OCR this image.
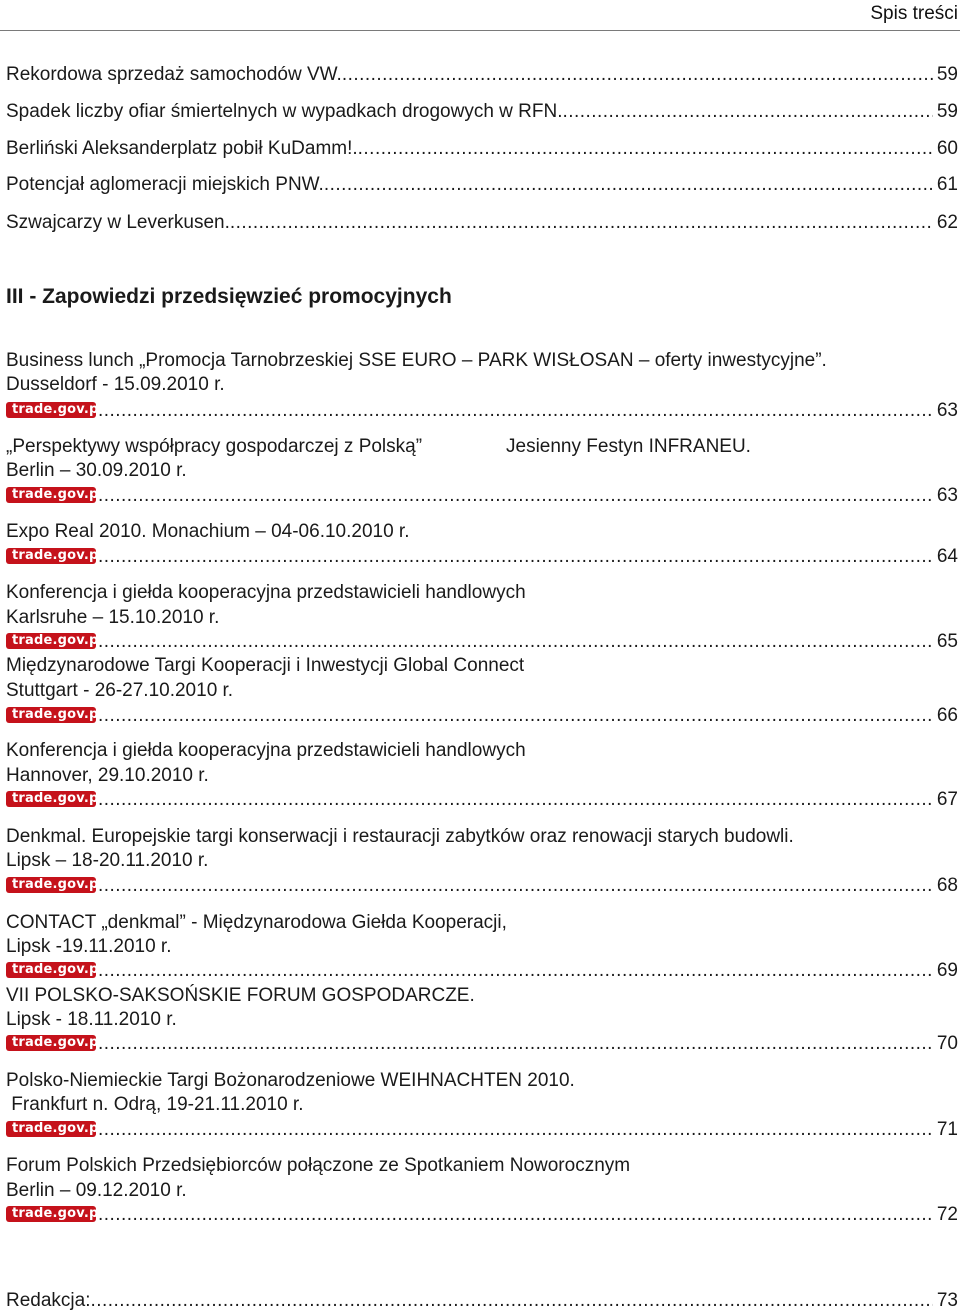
Spis treści
Rekordowa sprzedaż samochodów VW. . . .	59
Spadek liczby ofiar śmiertelnych w wypadkach drogowych w RFN. . . .	59
Berliński Aleksanderplatz pobił KuDamm!. . . .	60
Potencjał aglomeracji miejskich PNW. . . .	61
Szwajcarzy w Leverkusen. . . .	62
III - Zapowiedzi przedsięwzieć promocyjnych
Business lunch „Promocja Tarnobrzeskiej SSE EURO – PARK WISŁOSAN – oferty inwestycyjne”.
Dusseldorf - 15.09.2010 r.
trade.gov.pl . . .	63
„Perspektywy współpracy gospodarczej z Polską”	Jesienny Festyn INFRANEU.
Berlin – 30.09.2010 r.
trade.gov.pl . . .	63
Expo Real 2010. Monachium – 04-06.10.2010 r.
trade.gov.pl . . .	64
Konferencja i giełda kooperacyjna przedstawicieli handlowych
Karlsruhe – 15.10.2010 r.
trade.gov.pl . . .	65
Międzynarodowe Targi Kooperacji i Inwestycji Global Connect
Stuttgart - 26-27.10.2010 r.
trade.gov.pl . . .	66
Konferencja i giełda kooperacyjna przedstawicieli handlowych
Hannover, 29.10.2010 r.
trade.gov.pl . . .	67
Denkmal. Europejskie targi konserwacji i restauracji zabytków oraz renowacji starych budowli.
Lipsk – 18-20.11.2010 r.
trade.gov.pl . . .	68
CONTACT „denkmal” - Międzynarodowa Giełda Kooperacji,
Lipsk -19.11.2010 r.
trade.gov.pl . . .	69
VII POLSKO-SAKSOŃSKIE FORUM GOSPODARCZE.
Lipsk - 18.11.2010 r.
trade.gov.pl . . .	70
Polsko-Niemieckie Targi Bożonarodzeniowe WEIHNACHTEN 2010.
Frankfurt n. Odrą, 19-21.11.2010 r.
trade.gov.pl . . .	71
Forum Polskich Przedsiębiorców połączone ze Spotkaniem Noworocznym
Berlin – 09.12.2010 r.
trade.gov.pl . . .	72
Redakcja: . . .	73
